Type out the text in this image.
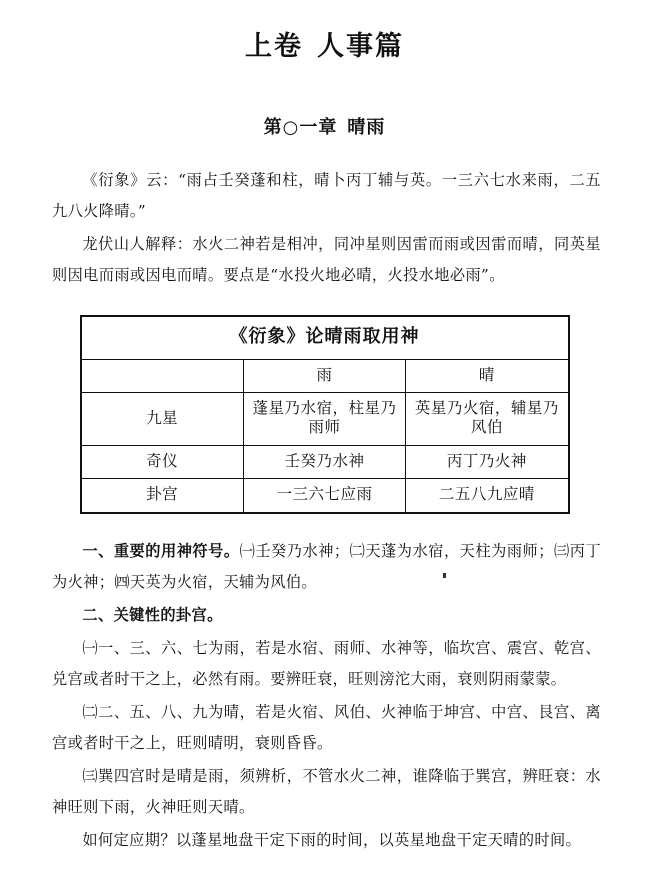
上卷 人事篇
第○一章 晴雨

《衍象》云：“雨占壬癸蓬和柱，晴卜丙丁辅与英。一三六七水来雨，二五九八火降晴。”

龙伏山人解释：水火二神若是相冲，同冲星则因雷而雨或因雷而晴，同英星则因电而雨或因电而晴。要点是“水投火地必晴，火投水地必雨”。

《衍象》论晴雨取用神		
	雨	晴
九星	蓬星乃水宿，柱星乃雨师	英星乃火宿，辅星乃风伯
奇仪	壬癸乃水神	丙丁乃火神
卦宫	一三六七应雨	二五八九应晴

一、重要的用神符号。㈠壬癸乃水神；㈡天蓬为水宿，天柱为雨师；㈢丙丁为火神；㈣天英为火宿，天辅为风伯。

二、关键性的卦宫。

㈠一、三、六、七为雨，若是水宿、雨师、水神等，临坎宫、震宫、乾宫、兑宫或者时干之上，必然有雨。要辨旺衰，旺则滂沱大雨，衰则阴雨蒙蒙。

㈡二、五、八、九为晴，若是火宿、风伯、火神临于坤宫、中宫、艮宫、离宫或者时干之上，旺则晴明，衰则昏昏。

㈢巽四宫时是晴是雨，须辨析，不管水火二神，谁降临于巽宫，辨旺衰：水神旺则下雨，火神旺则天晴。

如何定应期？以蓬星地盘干定下雨的时间，以英星地盘干定天晴的时间。
